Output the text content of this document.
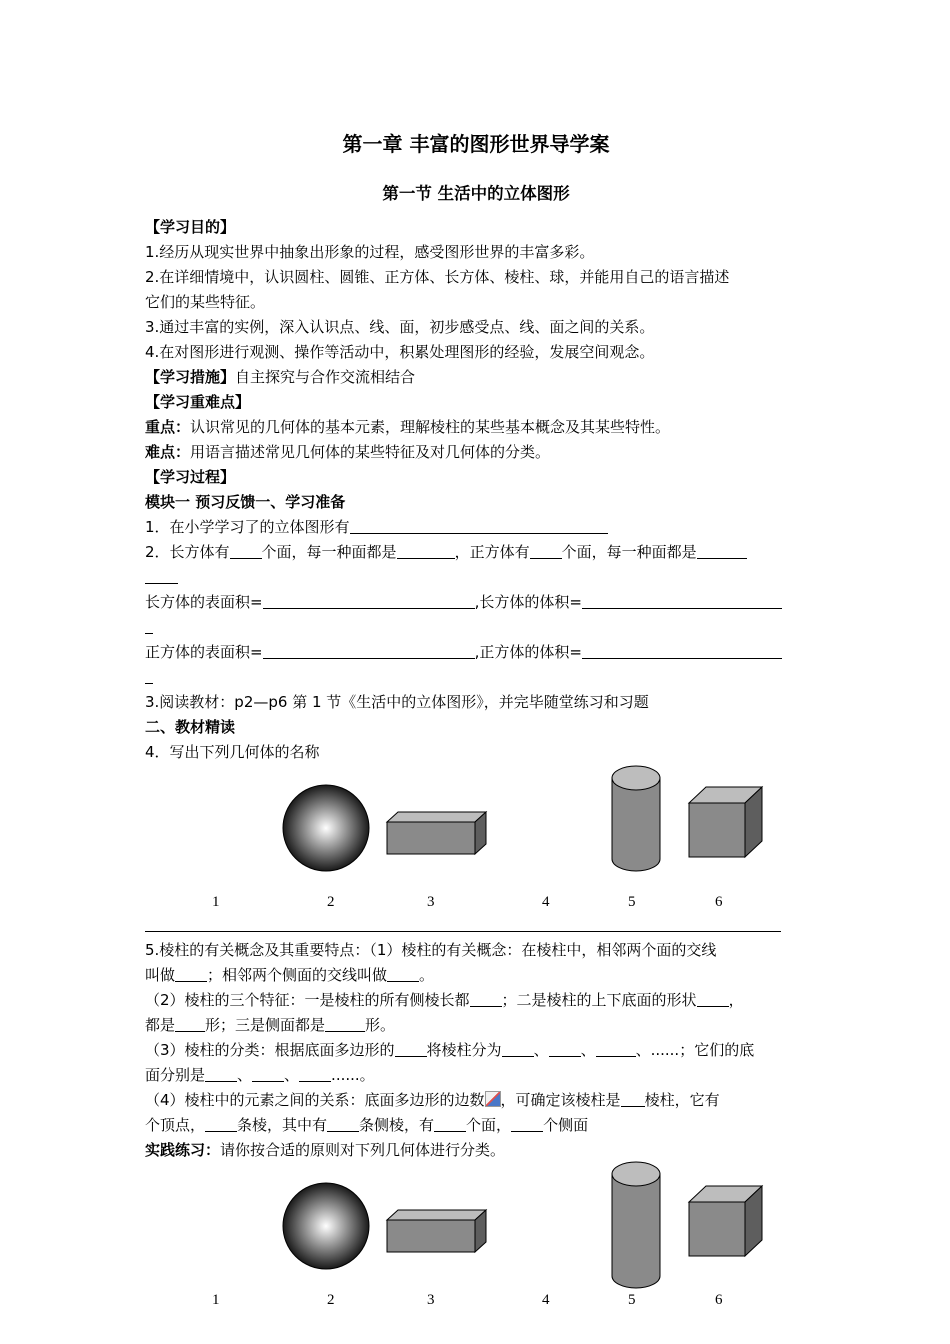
第一章 丰富的图形世界导学案
第一节 生活中的立体图形
【学习目的】
1.经历从现实世界中抽象出形象的过程，感受图形世界的丰富多彩。
2.在详细情境中，认识圆柱、圆锥、正方体、长方体、棱柱、球，并能用自己的语言描述
它们的某些特征。
3.通过丰富的实例，深入认识点、线、面，初步感受点、线、面之间的关系。
4.在对图形进行观测、操作等活动中，积累处理图形的经验，发展空间观念。
【学习措施】自主探究与合作交流相结合
【学习重难点】
重点：认识常见的几何体的基本元素，理解棱柱的某些基本概念及其某些特性。
难点：用语言描述常见几何体的某些特征及对几何体的分类。
【学习过程】
模块一 预习反馈一、学习准备
1．在小学学习了的立体图形有
2．长方体有 个面，每一种面都是	，正方体有 个面，每一种面都是
长方体的表面积=	,长方体的体积=
正方体的表面积=	,正方体的体积=
3.阅读教材：p2—p6 第 1 节《生活中的立体图形》，并完毕随堂练习和习题
二、教材精读
4．写出下列几何体的名称
1	2	3	4	5	6
5.棱柱的有关概念及其重要特点：（1）棱柱的有关概念：在棱柱中，相邻两个面的交线
叫做 ；相邻两个侧面的交线叫做 。
（2）棱柱的三个特征：一是棱柱的所有侧棱长都 ；二是棱柱的上下底面的形状 ，
都是 形；三是侧面都是	形。
（3）棱柱的分类：根据底面多边形的 将棱柱分为 、 、	、......；它们的底
面分别是 、 、 ......。
（4）棱柱中的元素之间的关系：底面多边形的边数 ，可确定该棱柱是 棱柱，它有
个顶点， 条棱，其中有 条侧棱，有 个面， 个侧面
实践练习：请你按合适的原则对下列几何体进行分类。
1	2	3	4	5	6
